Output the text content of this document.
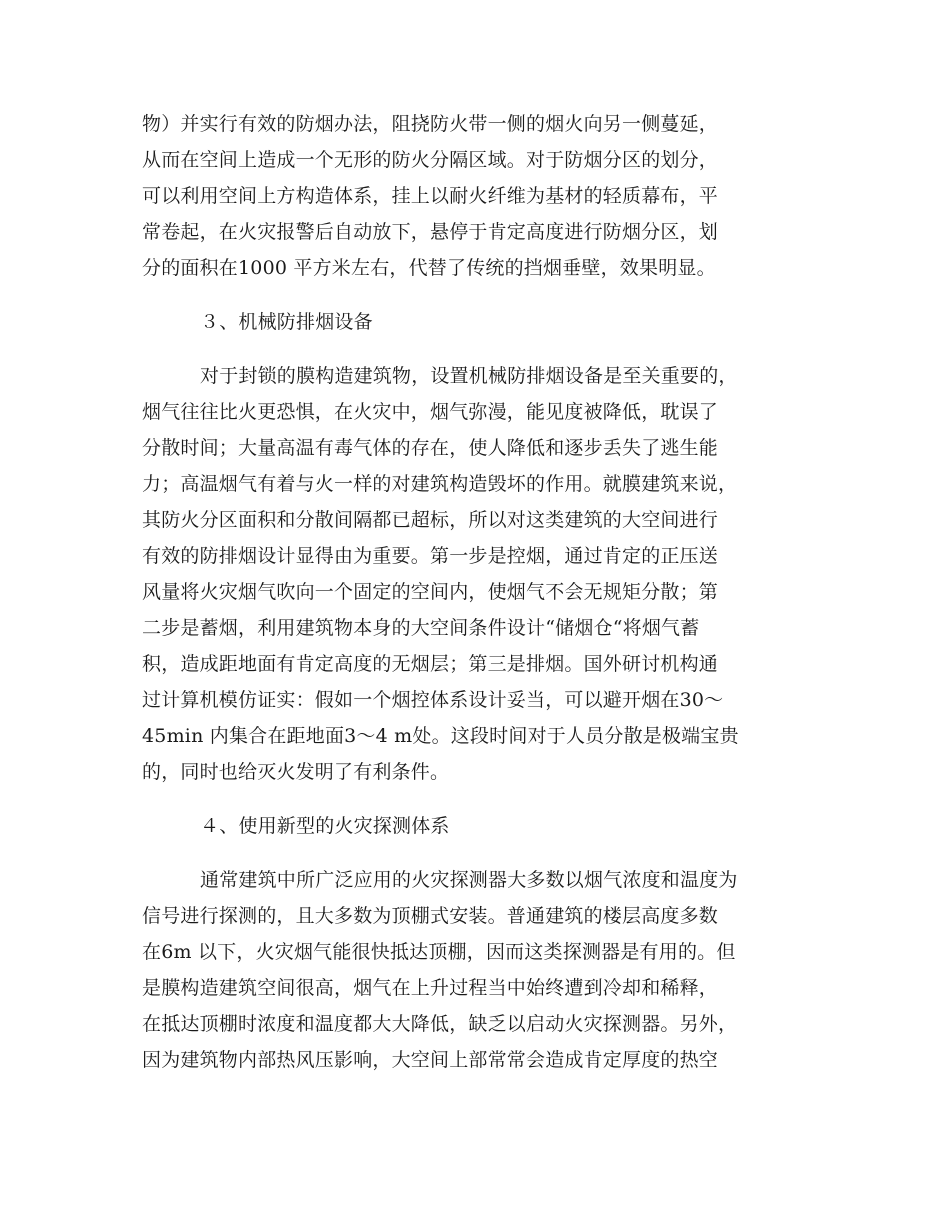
物）并实行有效的防烟办法，阻挠防火带一侧的烟火向另一侧蔓延，
从而在空间上造成一个无形的防火分隔区域。对于防烟分区的划分，
可以利用空间上方构造体系，挂上以耐火纤维为基材的轻质幕布，平
常卷起，在火灾报警后自动放下，悬停于肯定高度进行防烟分区，划
分的面积在1000 平方米左右，代替了传统的挡烟垂壁，效果明显。
３、机械防排烟设备
对于封锁的膜构造建筑物，设置机械防排烟设备是至关重要的，
烟气往往比火更恐惧，在火灾中，烟气弥漫，能见度被降低，耽误了
分散时间；大量高温有毒气体的存在，使人降低和逐步丢失了逃生能
力；高温烟气有着与火一样的对建筑构造毁坏的作用。就膜建筑来说，
其防火分区面积和分散间隔都已超标，所以对这类建筑的大空间进行
有效的防排烟设计显得由为重要。第一步是控烟，通过肯定的正压送
风量将火灾烟气吹向一个固定的空间内，使烟气不会无规矩分散；第
二步是蓄烟，利用建筑物本身的大空间条件设计“储烟仓“将烟气蓄
积，造成距地面有肯定高度的无烟层；第三是排烟。国外研讨机构通
过计算机模仿证实：假如一个烟控体系设计妥当，可以避开烟在30～
45min 内集合在距地面3～4 m处。这段时间对于人员分散是极端宝贵
的，同时也给灭火发明了有利条件。
４、使用新型的火灾探测体系
通常建筑中所广泛应用的火灾探测器大多数以烟气浓度和温度为
信号进行探测的，且大多数为顶棚式安装。普通建筑的楼层高度多数
在6m 以下，火灾烟气能很快抵达顶棚，因而这类探测器是有用的。但
是膜构造建筑空间很高，烟气在上升过程当中始终遭到冷却和稀释，
在抵达顶棚时浓度和温度都大大降低，缺乏以启动火灾探测器。另外，
因为建筑物内部热风压影响，大空间上部常常会造成肯定厚度的热空
